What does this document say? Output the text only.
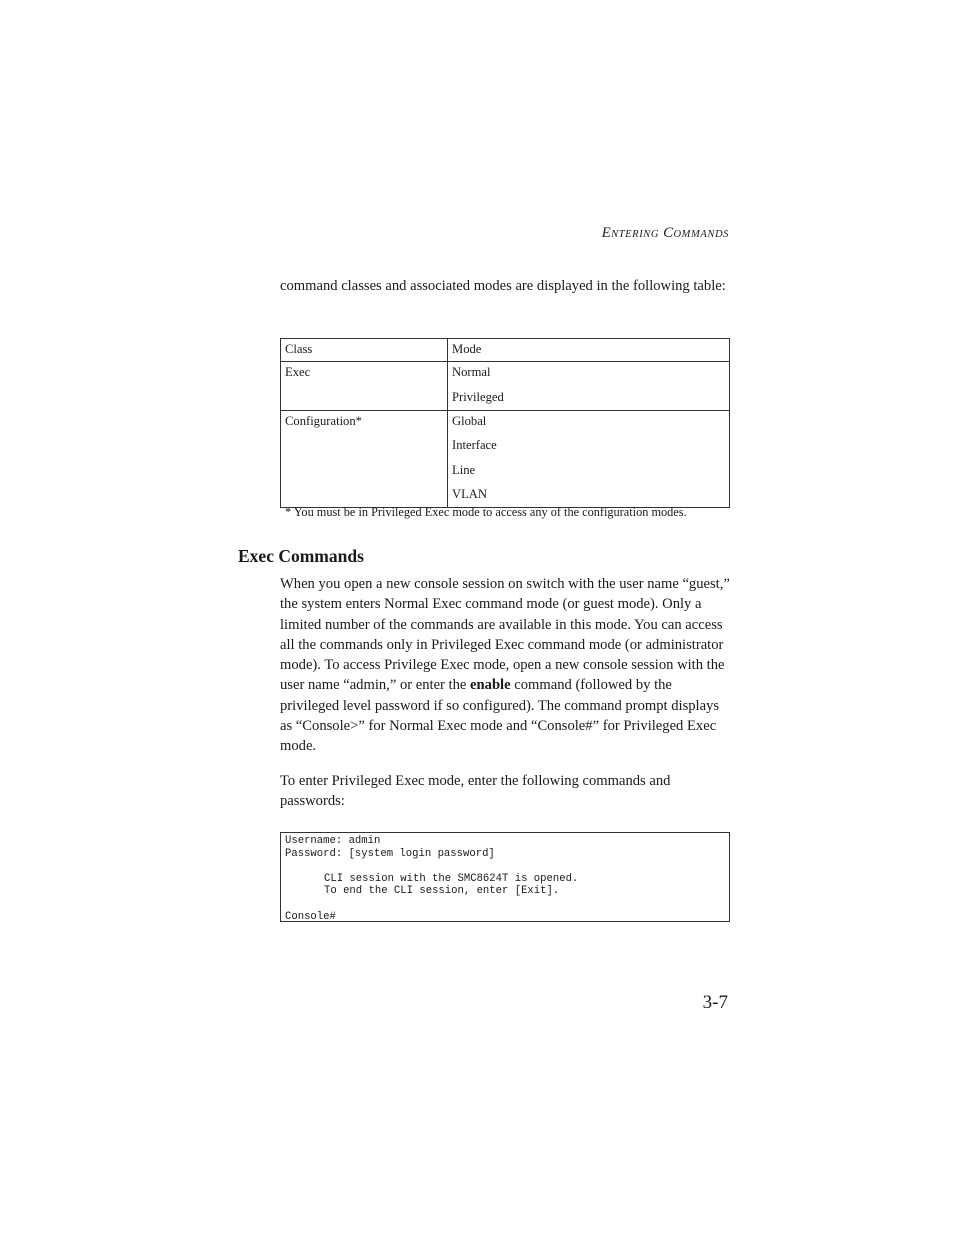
ENTERING COMMANDS
command classes and associated modes are displayed in the following table:
Class	Mode

Exec	Normal
Privileged

Configuration*	Global
Interface
Line
VLAN
* You must be in Privileged Exec mode to access any of the configuration modes.
Exec Commands
When you open a new console session on switch with the user name “guest,” the system enters Normal Exec command mode (or guest mode). Only a limited number of the commands are available in this mode. You can access all the commands only in Privileged Exec command mode (or administrator mode). To access Privilege Exec mode, open a new console session with the user name “admin,” or enter the enable command (followed by the privileged level password if so configured). The command prompt displays as “Console>” for Normal Exec mode and “Console#” for Privileged Exec mode.
To enter Privileged Exec mode, enter the following commands and passwords:
Username: admin
Password: [system login password]
CLI session with the SMC8624T is opened.
To end the CLI session, enter [Exit].
Console#
3-7
